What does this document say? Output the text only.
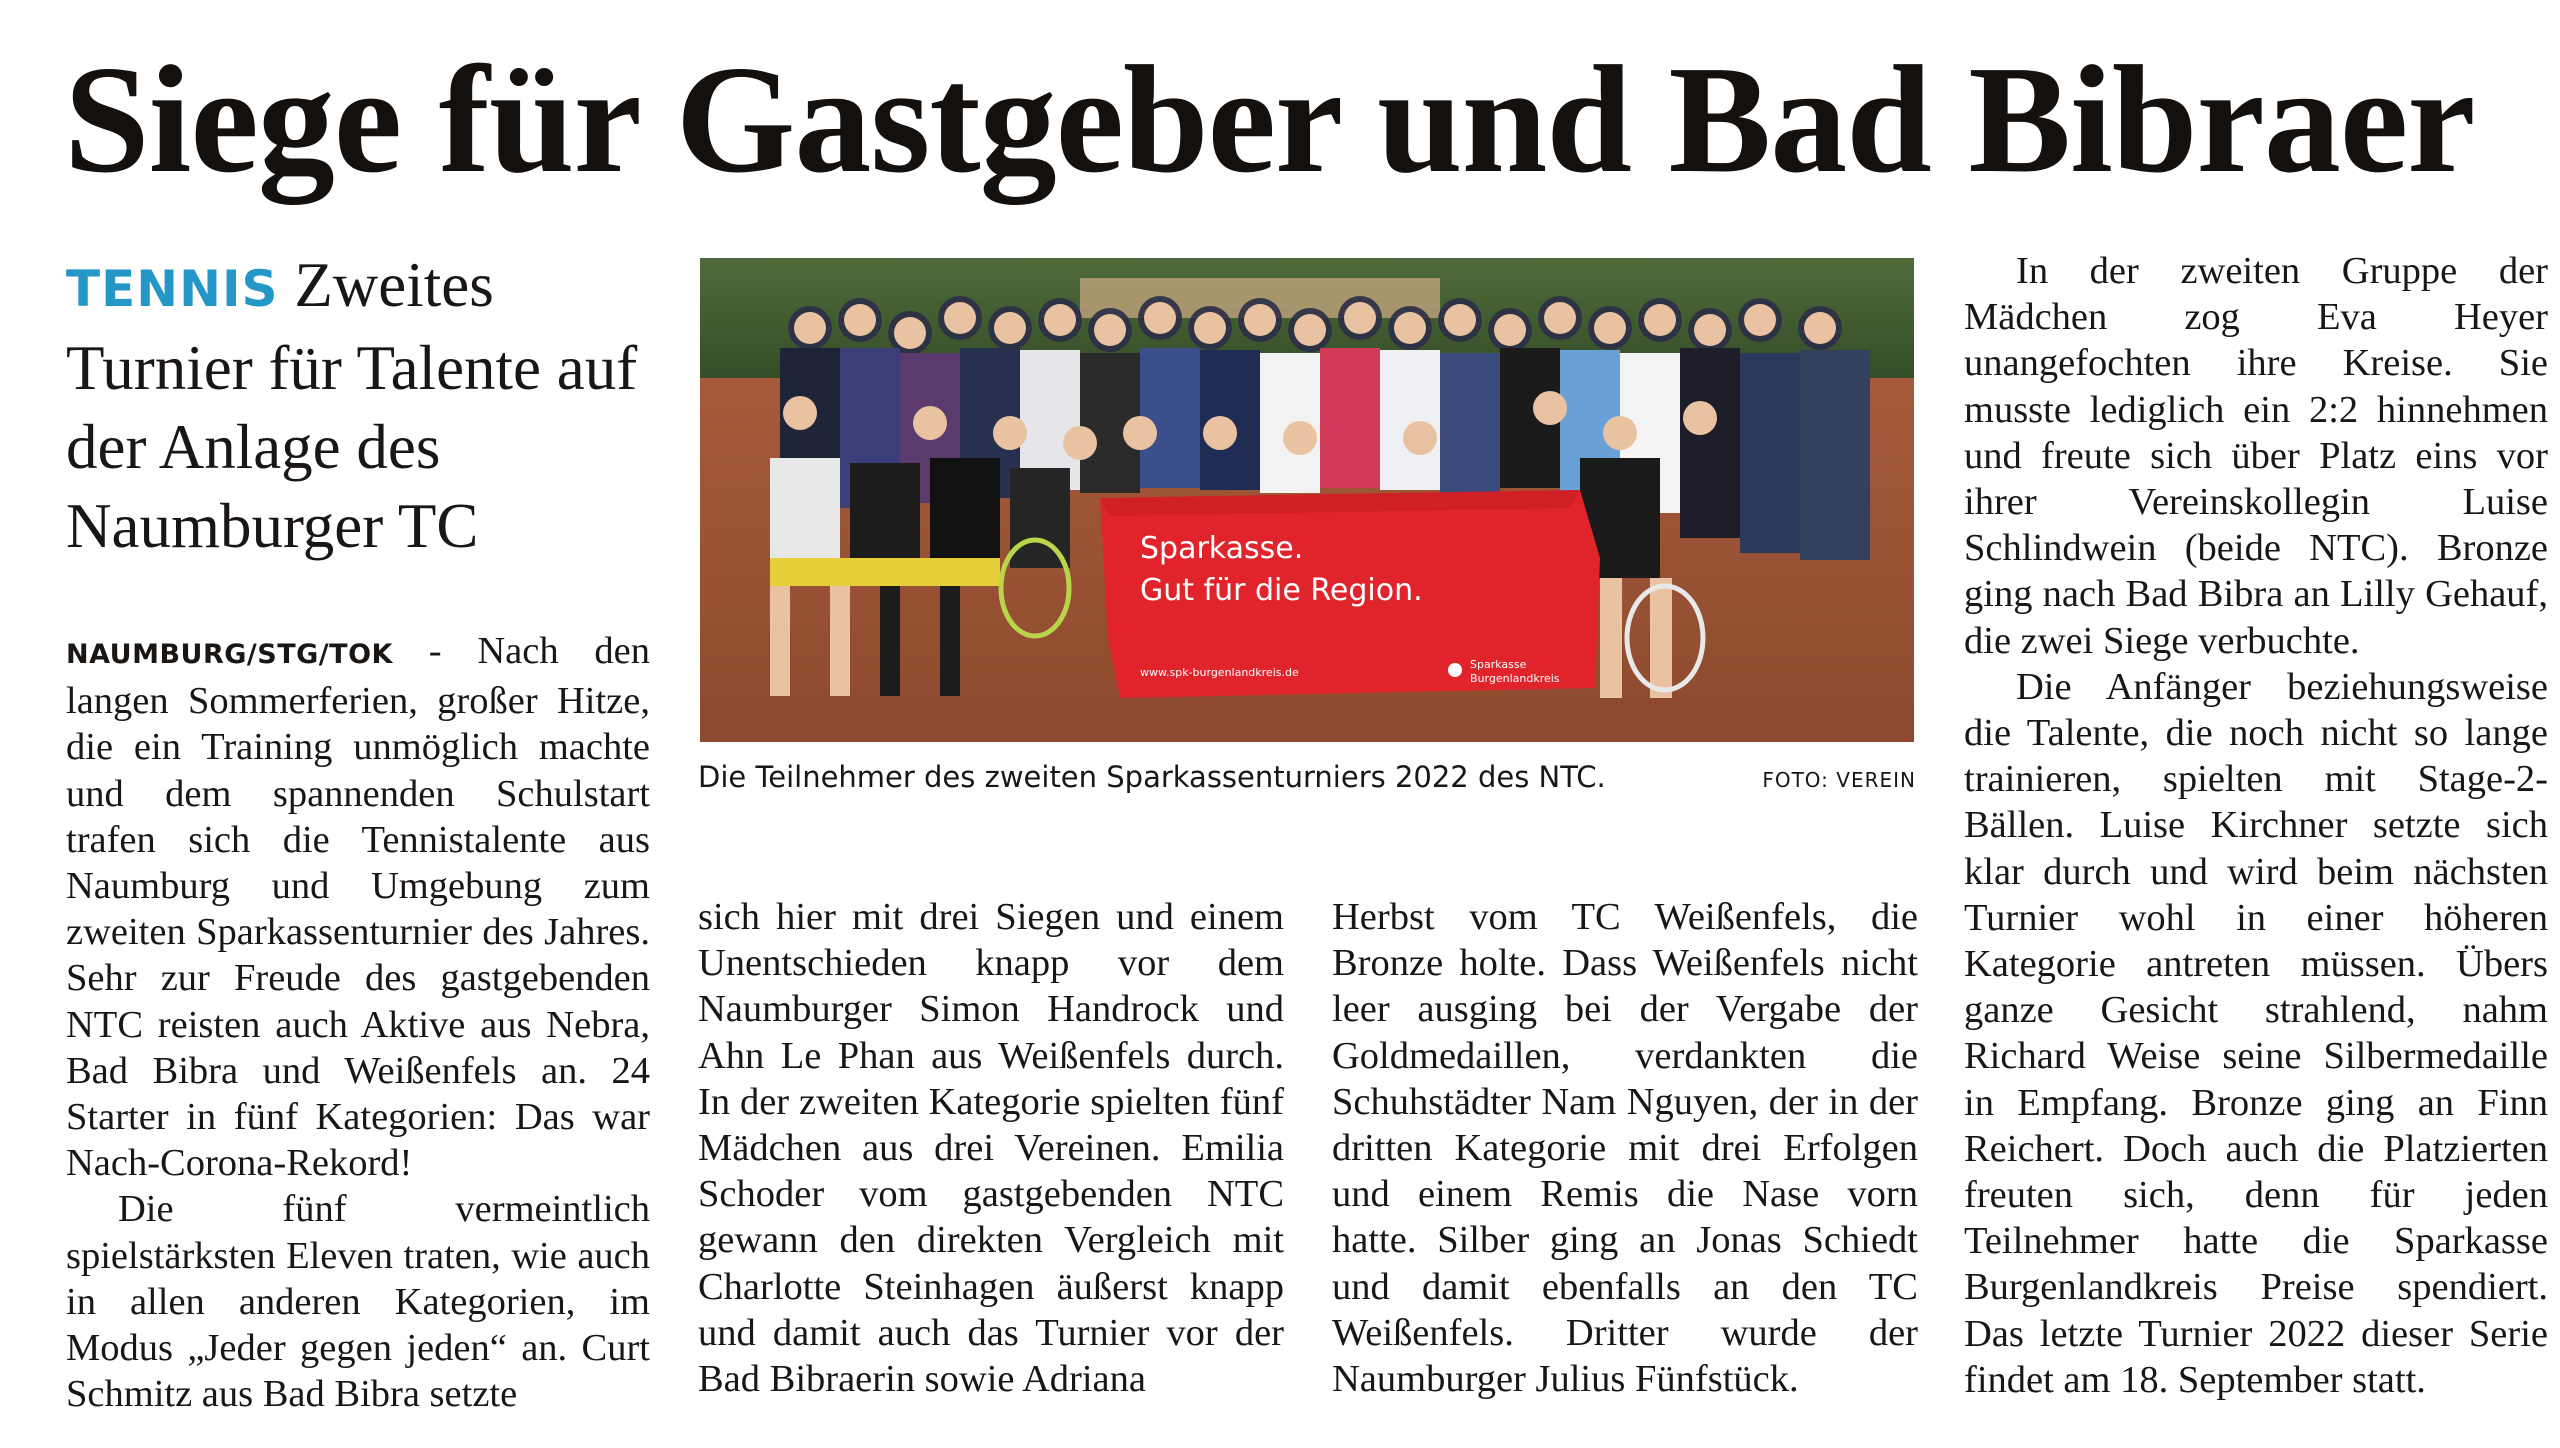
Siege für Gastgeber und Bad Bibraer
TENNIS Zweites Turnier für Talente auf der Anlage des Naumburger TC

NAUMBURG/STG/TOK - Nach den langen Sommerferien, großer Hitze, die ein Training unmöglich machte und dem spannenden Schulstart trafen sich die Tennistalente aus Naumburg und Umgebung zum zweiten Sparkassenturnier des Jahres. Sehr zur Freude des gastgebenden NTC reisten auch Aktive aus Nebra, Bad Bibra und Weißenfels an. 24 Starter in fünf Kategorien: Das war Nach-Corona-Rekord!

Die fünf vermeintlich spielstärksten Eleven traten, wie auch in allen anderen Kategorien, im Modus „Jeder gegen jeden“ an. Curt Schmitz aus Bad Bibra setzte

Sparkasse.
Gut für die Region.
www.spk-burgenlandkreis.de
Sparkasse
Burgenlandkreis
Die Teilnehmer des zweiten Sparkassenturniers 2022 des NTC.	FOTO: VEREIN

sich hier mit drei Siegen und einem Unentschieden knapp vor dem Naumburger Simon Handrock und Ahn Le Phan aus Weißenfels durch. In der zweiten Kategorie spielten fünf Mädchen aus drei Vereinen. Emilia Schoder vom gastgebenden NTC gewann den direkten Vergleich mit Charlotte Steinhagen äußerst knapp und damit auch das Turnier vor der Bad Bibraerin sowie Adriana

Herbst vom TC Weißenfels, die Bronze holte. Dass Weißenfels nicht leer ausging bei der Vergabe der Goldmedaillen, verdankten die Schuhstädter Nam Nguyen, der in der dritten Kategorie mit drei Erfolgen und einem Remis die Nase vorn hatte. Silber ging an Jonas Schiedt und damit ebenfalls an den TC Weißenfels. Dritter wurde der Naumburger Julius Fünfstück.

In der zweiten Gruppe der Mädchen zog Eva Heyer unangefochten ihre Kreise. Sie musste lediglich ein 2:2 hinnehmen und freute sich über Platz eins vor ihrer Vereinskollegin Luise Schlindwein (beide NTC). Bronze ging nach Bad Bibra an Lilly Gehauf, die zwei Siege verbuchte.

Die Anfänger beziehungsweise die Talente, die noch nicht so lange trainieren, spielten mit Stage-2-Bällen. Luise Kirchner setzte sich klar durch und wird beim nächsten Turnier wohl in einer höheren Kategorie antreten müssen. Übers ganze Gesicht strahlend, nahm Richard Weise seine Silbermedaille in Empfang. Bronze ging an Finn Reichert. Doch auch die Platzierten freuten sich, denn für jeden Teilnehmer hatte die Sparkasse Burgenlandkreis Preise spendiert. Das letzte Turnier 2022 dieser Serie findet am 18. September statt.
